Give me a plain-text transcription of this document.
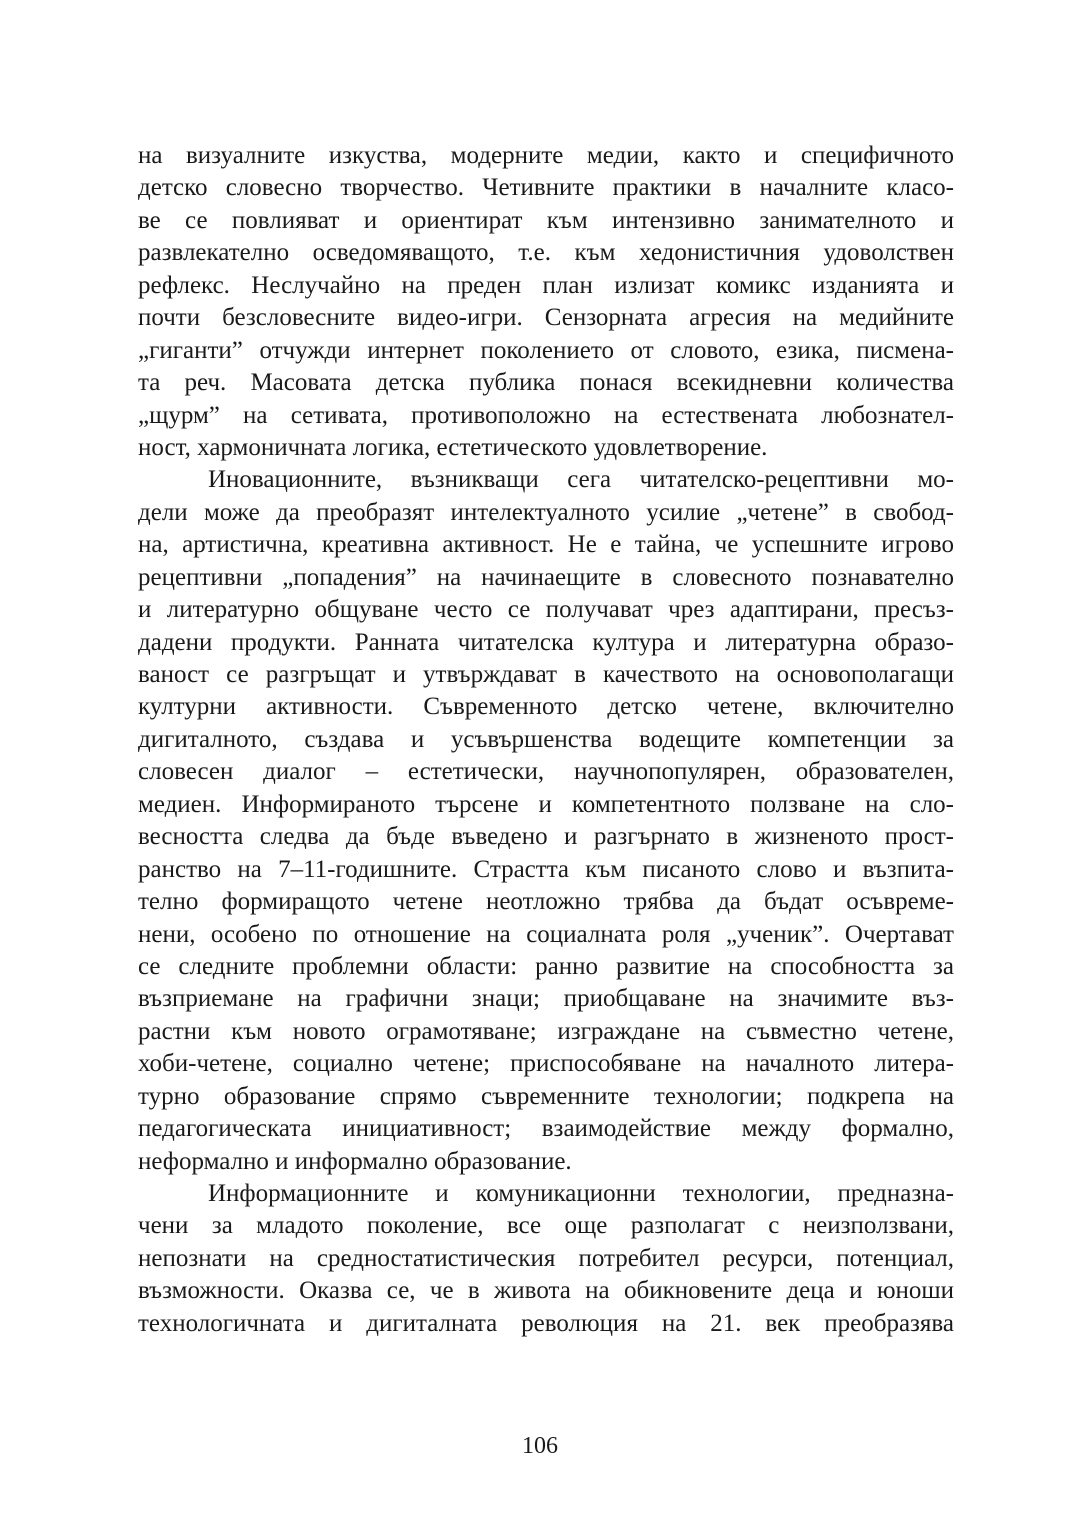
на визуалните изкуства, модерните медии, както и специфичното
детско словесно творчество. Четивните практики в началните класо-
ве се повлияват и ориентират към интензивно занимателното и
развлекателно осведомяващото, т.е. към хедонистичния удоволствен
рефлекс. Неслучайно на преден план излизат комикс изданията и
почти безсловесните видео-игри. Сензорната агресия на медийните
„гиганти” отчужди интернет поколението от словото, езика, писмена-
та реч. Масовата детска публика понася всекидневни количества
„щурм” на сетивата, противоположно на естествената любознател-
ност, хармоничната логика, естетическото удовлетворение.
Иновационните, възникващи сега читателско-рецептивни мо-
дели може да преобразят интелектуалното усилие „четене” в свобод-
на, артистична, креативна активност. Не е тайна, че успешните игрово
рецептивни „попадения” на начинаещите в словесното познавателно
и литературно общуване често се получават чрез адаптирани, пресъз-
дадени продукти. Ранната читателска култура и литературна образо-
ваност се разгръщат и утвърждават в качеството на основополагащи
културни активности. Съвременното детско четене, включително
дигиталното, създава и усъвършенства водещите компетенции за
словесен диалог – естетически, научнопопулярен, образователен,
медиен. Информираното търсене и компетентното ползване на сло-
весността следва да бъде въведено и разгърнато в жизненото прост-
ранство на 7–11-годишните. Страстта към писаното слово и възпита-
телно формиращото четене неотложно трябва да бъдат осъвреме-
нени, особено по отношение на социалната роля „ученик”. Очертават
се следните проблемни области: ранно развитие на способността за
възприемане на графични знаци; приобщаване на значимите въз-
растни към новото ограмотяване; изграждане на съвместно четене,
хоби-четене, социално четене; приспособяване на началното литера-
турно образование спрямо съвременните технологии; подкрепа на
педагогическата инициативност; взаимодействие между формално,
неформално и информално образование.
Информационните и комуникационни технологии, предназна-
чени за младото поколение, все още разполагат с неизползвани,
непознати на средностатистическия потребител ресурси, потенциал,
възможности. Оказва се, че в живота на обикновените деца и юноши
технологичната и дигиталната революция на 21. век преобразява
106
